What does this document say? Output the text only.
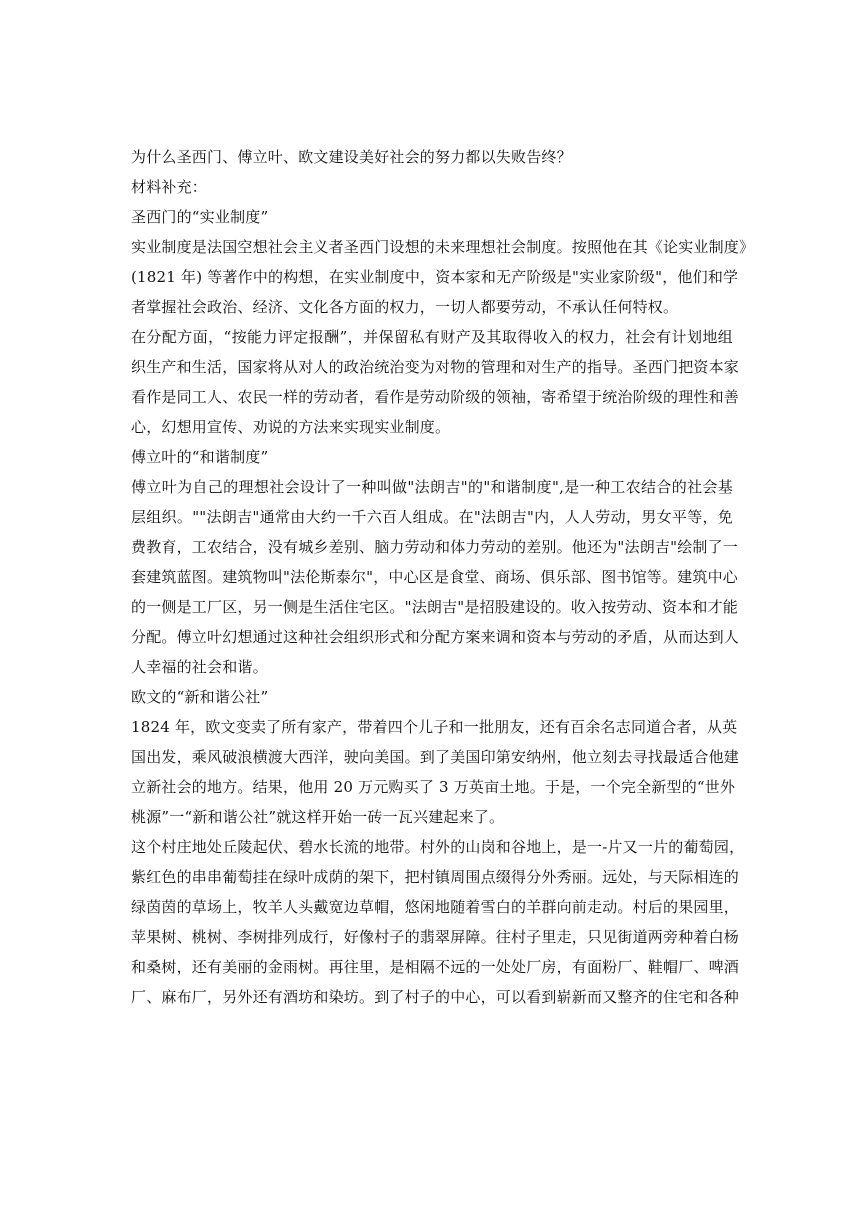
为什么圣西门、傅立叶、欧文建设美好社会的努力都以失败告终？
材料补充：
圣西门的“实业制度”
实业制度是法国空想社会主义者圣西门设想的未来理想社会制度。按照他在其《论实业制度》
(1821 年) 等著作中的构想，在实业制度中，资本家和无产阶级是"实业家阶级"，他们和学
者掌握社会政治、经济、文化各方面的权力，一切人都要劳动，不承认任何特权。
在分配方面，“按能力评定报酬”，并保留私有财产及其取得收入的权力，社会有计划地组
织生产和生活，国家将从对人的政治统治变为对物的管理和对生产的指导。圣西门把资本家
看作是同工人、农民一样的劳动者，看作是劳动阶级的领袖，寄希望于统治阶级的理性和善
心，幻想用宣传、劝说的方法来实现实业制度。
傅立叶的“和谐制度”
傅立叶为自己的理想社会设计了一种叫做"法朗吉"的"和谐制度",是一种工农结合的社会基
层组织。""法朗吉"通常由大约一千六百人组成。在"法朗吉"内，人人劳动，男女平等，免
费教育，工农结合，没有城乡差别、脑力劳动和体力劳动的差别。他还为"法朗吉"绘制了一
套建筑蓝图。建筑物叫"法伦斯泰尔"，中心区是食堂、商场、俱乐部、图书馆等。建筑中心
的一侧是工厂区，另一侧是生活住宅区。"法朗吉"是招股建设的。收入按劳动、资本和才能
分配。傅立叶幻想通过这种社会组织形式和分配方案来调和资本与劳动的矛盾，从而达到人
人幸福的社会和谐。
欧文的“新和谐公社”
1824 年，欧文变卖了所有家产，带着四个儿子和一批朋友，还有百余名志同道合者，从英
国出发，乘风破浪横渡大西洋，驶向美国。到了美国印第安纳州，他立刻去寻找最适合他建
立新社会的地方。结果，他用 20 万元购买了 3 万英亩土地。于是，一个完全新型的“世外
桃源”一“新和谐公社”就这样开始一砖一瓦兴建起来了。
这个村庄地处丘陵起伏、碧水长流的地带。村外的山岗和谷地上，是一-片又一片的葡萄园，
紫红色的串串葡萄挂在绿叶成荫的架下，把村镇周围点缀得分外秀丽。远处，与天际相连的
绿茵茵的草场上，牧羊人头戴宽边草帽，悠闲地随着雪白的羊群向前走动。村后的果园里，
苹果树、桃树、李树排列成行，好像村子的翡翠屏障。往村子里走，只见街道两旁种着白杨
和桑树，还有美丽的金雨树。再往里，是相隔不远的一处处厂房，有面粉厂、鞋帽厂、啤酒
厂、麻布厂，另外还有酒坊和染坊。到了村子的中心，可以看到崭新而又整齐的住宅和各种
